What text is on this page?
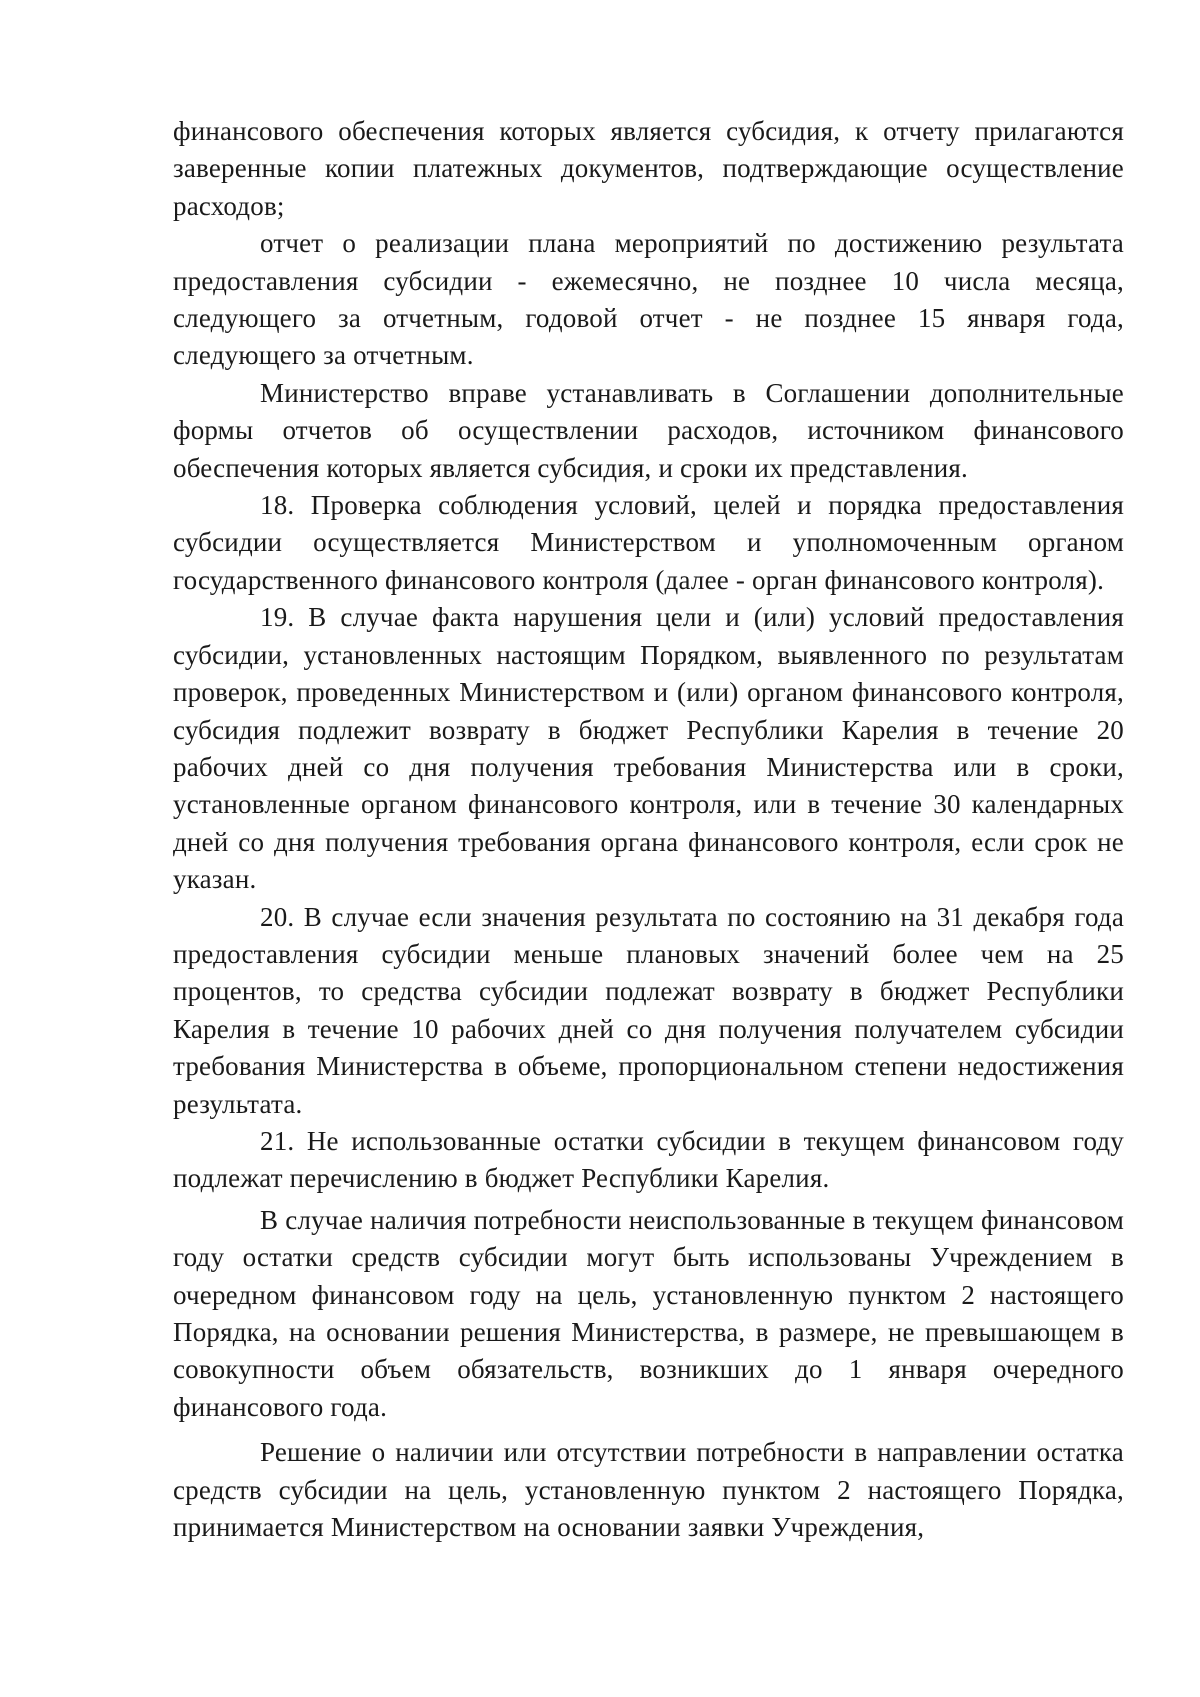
финансового обеспечения которых является субсидия, к отчету прилагаются заверенные копии платежных документов, подтверждающие осуществление расходов;

отчет о реализации плана мероприятий по достижению результата предоставления субсидии - ежемесячно, не позднее 10 числа месяца, следующего за отчетным, годовой отчет - не позднее 15 января года, следующего за отчетным.

Министерство вправе устанавливать в Соглашении дополнительные формы отчетов об осуществлении расходов, источником финансового обеспечения которых является субсидия, и сроки их представления.

18. Проверка соблюдения условий, целей и порядка предоставления субсидии осуществляется Министерством и уполномоченным органом государственного финансового контроля (далее - орган финансового контроля).

19. В случае факта нарушения цели и (или) условий предоставления субсидии, установленных настоящим Порядком, выявленного по результатам проверок, проведенных Министерством и (или) органом финансового контроля, субсидия подлежит возврату в бюджет Республики Карелия в течение 20 рабочих дней со дня получения требования Министерства или в сроки, установленные органом финансового контроля, или в течение 30 календарных дней со дня получения требования органа финансового контроля, если срок не указан.

20. В случае если значения результата по состоянию на 31 декабря года предоставления субсидии меньше плановых значений более чем на 25 процентов, то средства субсидии подлежат возврату в бюджет Республики Карелия в течение 10 рабочих дней со дня получения получателем субсидии требования Министерства в объеме, пропорциональном степени недостижения результата.

21. Не использованные остатки субсидии в текущем финансовом году подлежат перечислению в бюджет Республики Карелия.

В случае наличия потребности неиспользованные в текущем финансовом году остатки средств субсидии могут быть использованы Учреждением в очередном финансовом году на цель, установленную пунктом 2 настоящего Порядка, на основании решения Министерства, в размере, не превышающем в совокупности объем обязательств, возникших до 1 января очередного финансового года.

Решение о наличии или отсутствии потребности в направлении остатка средств субсидии на цель, установленную пунктом 2 настоящего Порядка, принимается Министерством на основании заявки Учреждения,
